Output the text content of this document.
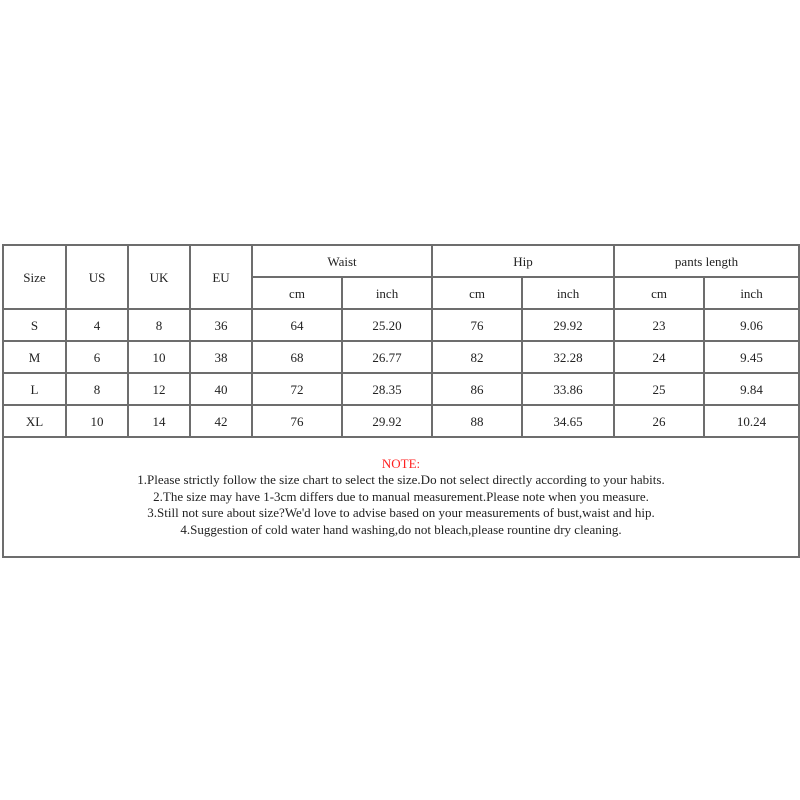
Size	US	UK	EU	Waist		Hip		pants length	
				cm	inch	cm	inch	cm	inch
S	4	8	36	64	25.20	76	29.92	23	9.06
M	6	10	38	68	26.77	82	32.28	24	9.45
L	8	12	40	72	28.35	86	33.86	25	9.84
XL	10	14	42	76	29.92	88	34.65	26	10.24

NOTE:
1.Please strictly follow the size chart to select the size.Do not select directly according to your habits.
2.The size may have 1-3cm differs due to manual measurement.Please note when you measure.
3.Still not sure about size?We'd love to advise based on your measurements of bust,waist and hip.
4.Suggestion of cold water hand washing,do not bleach,please rountine dry cleaning.									
